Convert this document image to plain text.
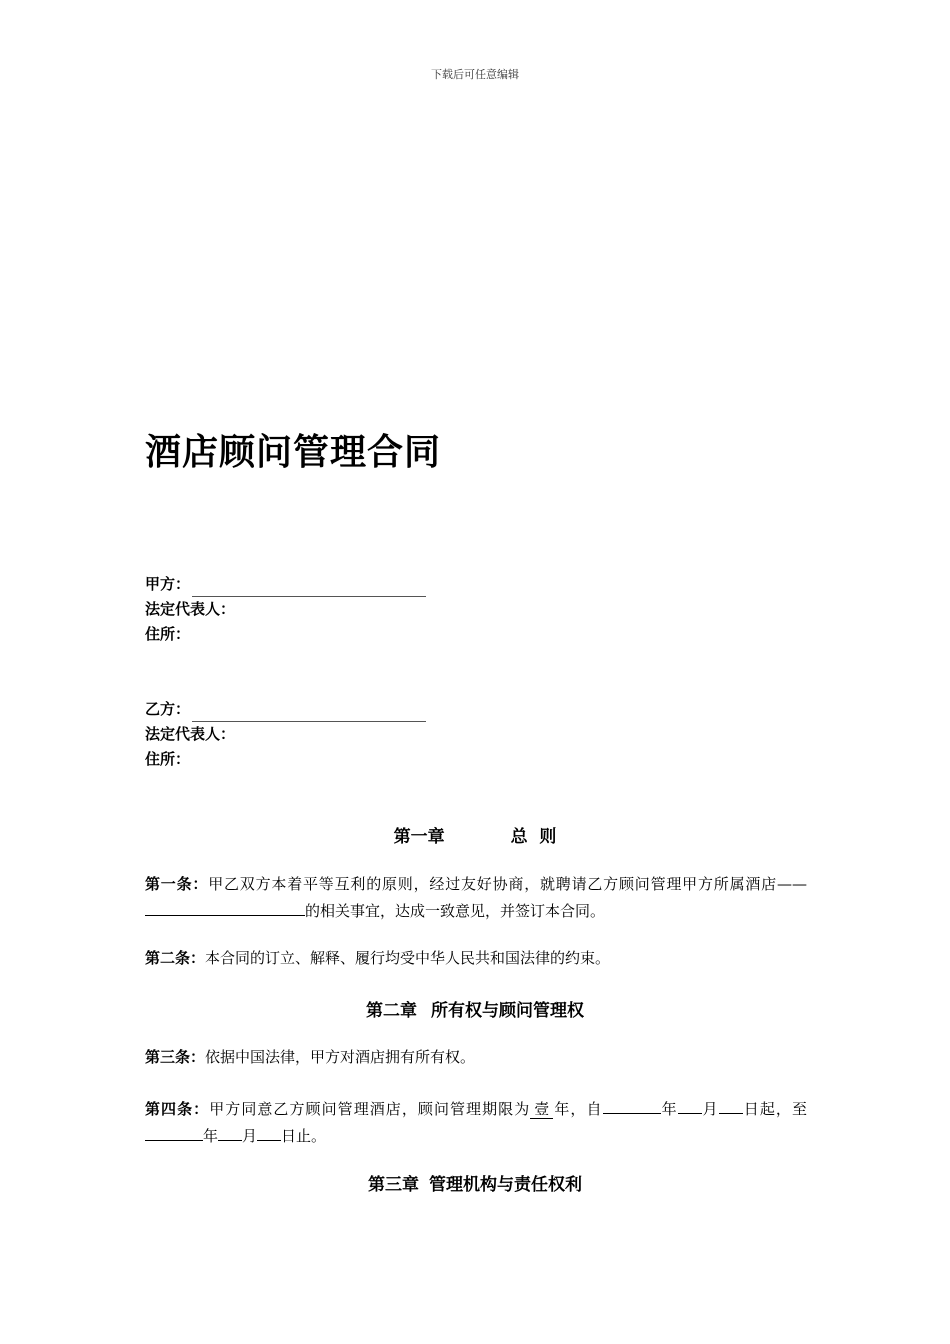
下载后可任意编辑
酒店顾问管理合同
甲方：
法定代表人：
住所：
乙方：
法定代表人：
住所：
第一章	总  则
第一条：甲乙双方本着平等互利的原则，经过友好协商，就聘请乙方顾问管理甲方所属酒店——的相关事宜，达成一致意见，并签订本合同。
第二条：本合同的订立、解释、履行均受中华人民共和国法律的约束。
第二章 所有权与顾问管理权
第三条：依据中国法律，甲方对酒店拥有所有权。
第四条：甲方同意乙方顾问管理酒店，顾问管理期限为 壹 年，自	年 月 日起，至年 月 日止。
第三章 管理机构与责任权利
